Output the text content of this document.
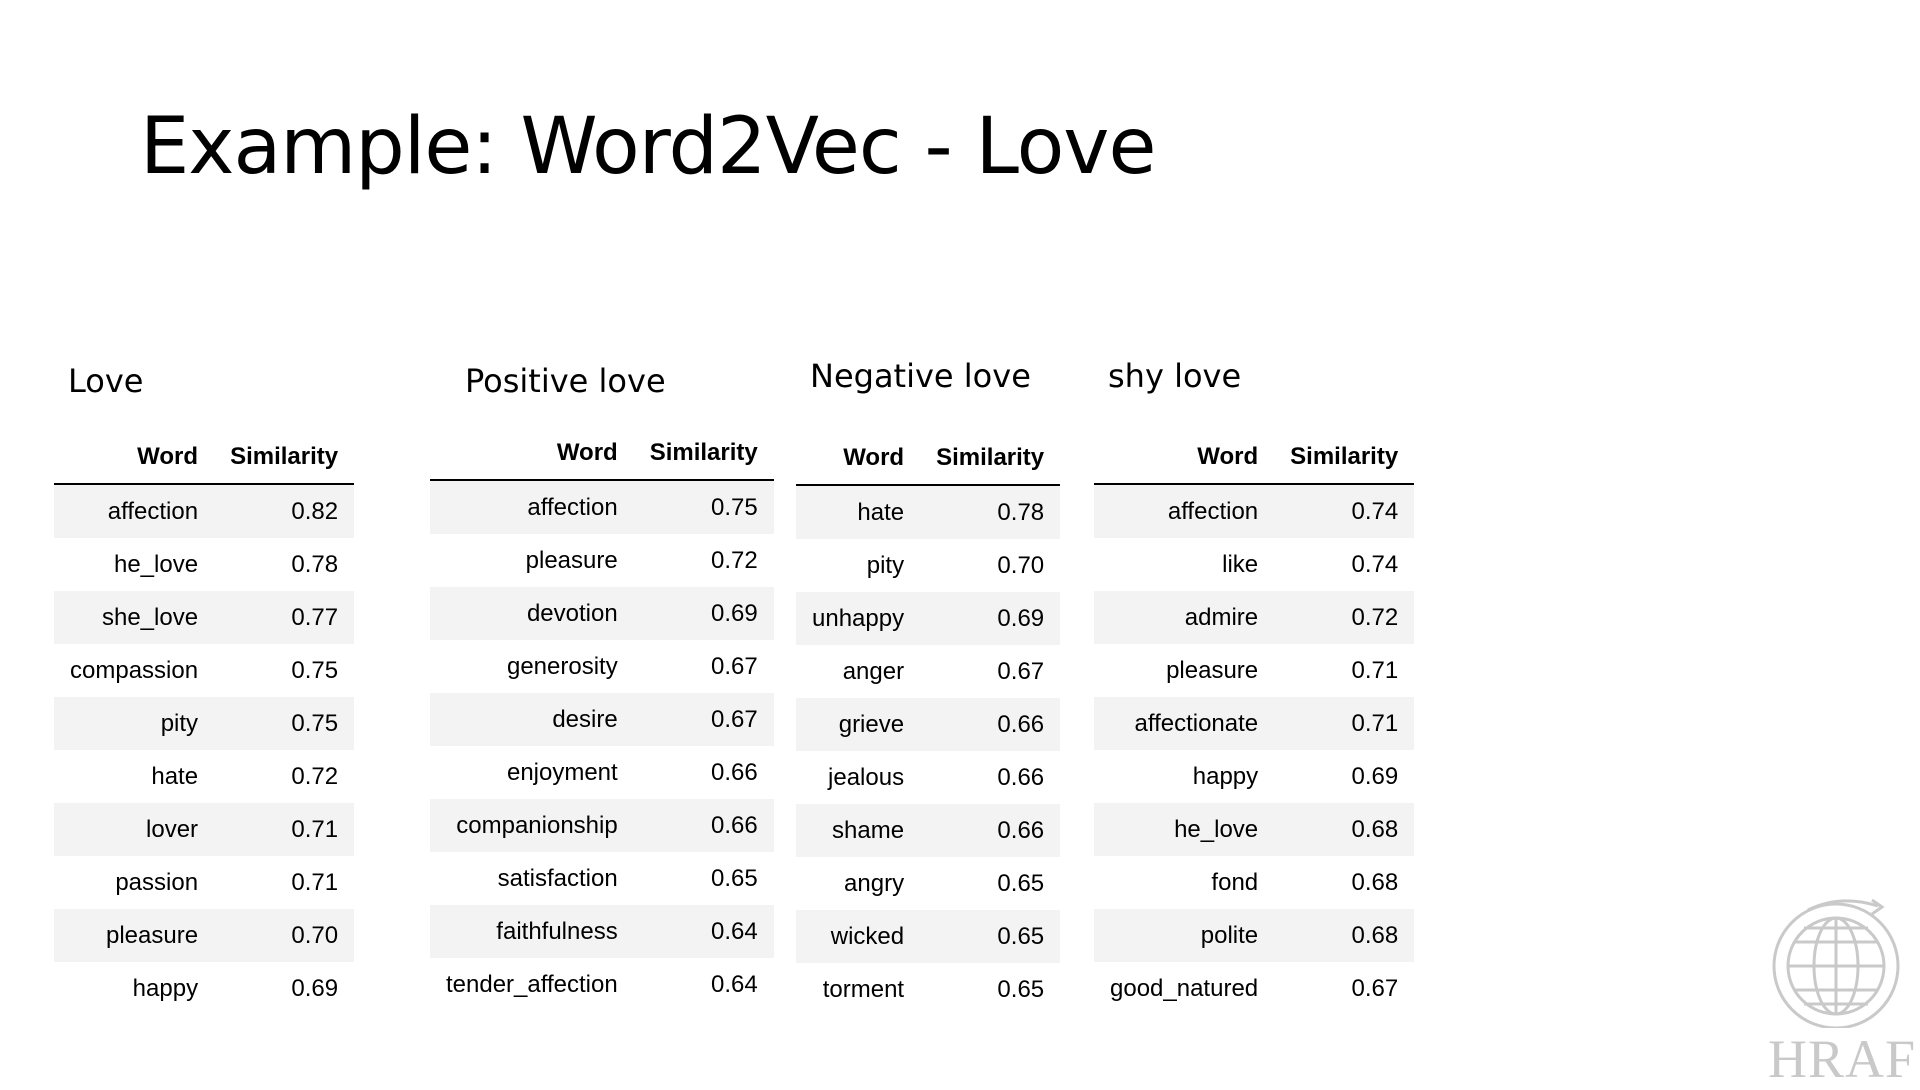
Example: Word2Vec - Love
Love
Word	Similarity
affection	0.82
he_love	0.78
she_love	0.77
compassion	0.75
pity	0.75
hate	0.72
lover	0.71
passion	0.71
pleasure	0.70
happy	0.69
Positive love
Word	Similarity
affection	0.75
pleasure	0.72
devotion	0.69
generosity	0.67
desire	0.67
enjoyment	0.66
companionship	0.66
satisfaction	0.65
faithfulness	0.64
tender_affection	0.64
Negative love
Word	Similarity
hate	0.78
pity	0.70
unhappy	0.69
anger	0.67
grieve	0.66
jealous	0.66
shame	0.66
angry	0.65
wicked	0.65
torment	0.65
shy love
Word	Similarity
affection	0.74
like	0.74
admire	0.72
pleasure	0.71
affectionate	0.71
happy	0.69
he_love	0.68
fond	0.68
polite	0.68
good_natured	0.67
HRAF
